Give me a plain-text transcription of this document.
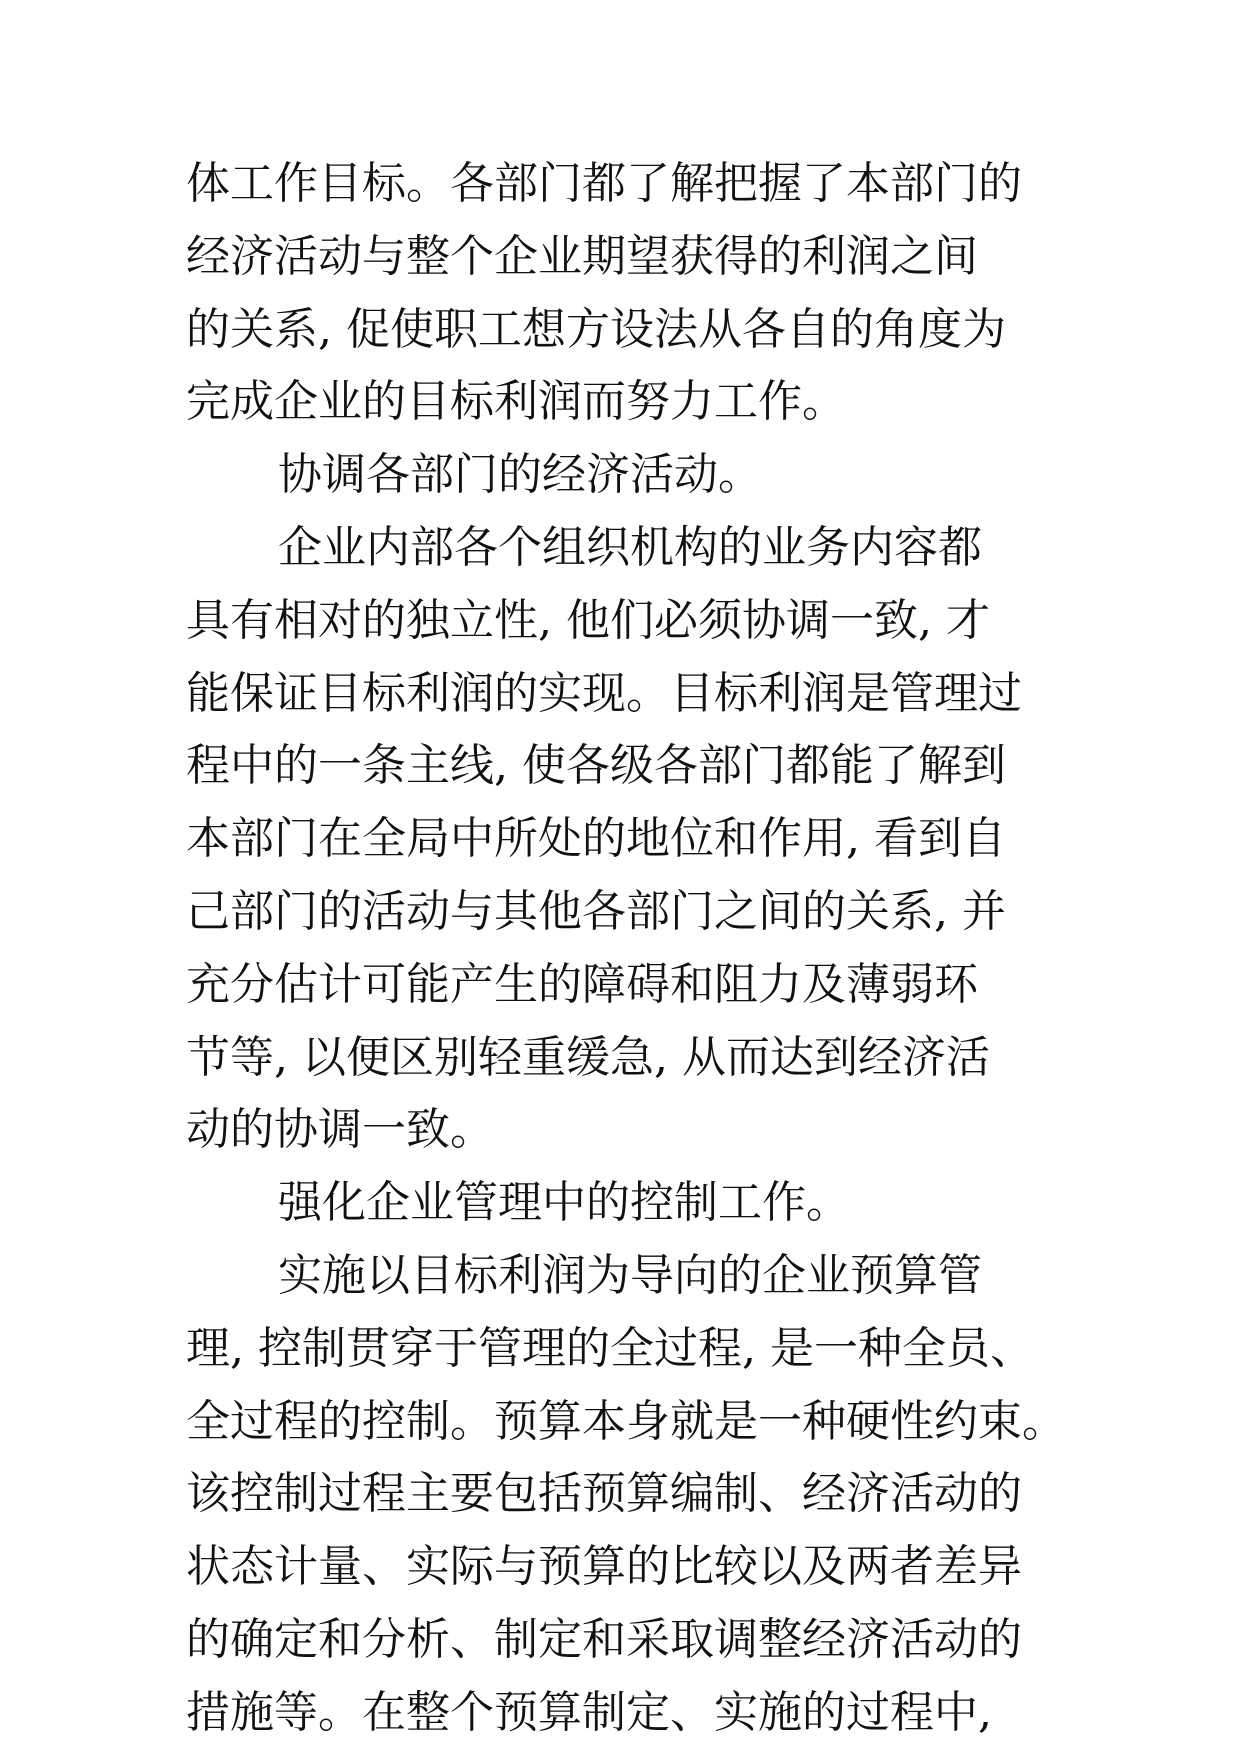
体工作目标。各部门都了解把握了本部门的
经济活动与整个企业期望获得的利润之间
的关系, 促使职工想方设法从各自的角度为
完成企业的目标利润而努力工作。
协调各部门的经济活动。
企业内部各个组织机构的业务内容都
具有相对的独立性, 他们必须协调一致, 才
能保证目标利润的实现。目标利润是管理过
程中的一条主线, 使各级各部门都能了解到
本部门在全局中所处的地位和作用, 看到自
己部门的活动与其他各部门之间的关系, 并
充分估计可能产生的障碍和阻力及薄弱环
节等, 以便区别轻重缓急, 从而达到经济活
动的协调一致。
强化企业管理中的控制工作。
实施以目标利润为导向的企业预算管
理, 控制贯穿于管理的全过程, 是一种全员、
全过程的控制。预算本身就是一种硬性约束。
该控制过程主要包括预算编制、经济活动的
状态计量、实际与预算的比较以及两者差异
的确定和分析、制定和采取调整经济活动的
措施等。在整个预算制定、实施的过程中,
